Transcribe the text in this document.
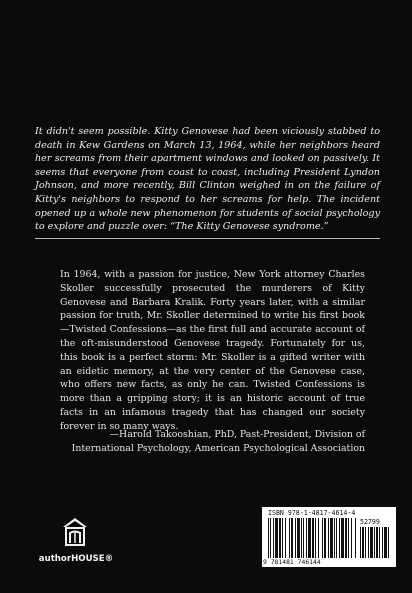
It didn't seem possible. Kitty Genovese had been viciously stabbed to death in Kew Gardens on March 13, 1964, while her neighbors heard her screams from their apartment windows and looked on passively. It seems that everyone from coast to coast, including President Lyndon Johnson, and more recently, Bill Clinton weighed in on the failure of Kitty's neighbors to respond to her screams for help. The incident opened up a whole new phenomenon for students of social psychology to explore and puzzle over: “The Kitty Genovese syndrome.”

In 1964, with a passion for justice, New York attorney Charles Skoller successfully prosecuted the murderers of Kitty Genovese and Barbara Kralik. Forty years later, with a similar passion for truth, Mr. Skoller determined to write his first book—Twisted Confessions—as the first full and accurate account of the oft-misunderstood Genovese tragedy. Fortunately for us, this book is a perfect storm: Mr. Skoller is a gifted writer with an eidetic memory, at the very center of the Genovese case, who offers new facts, as only he can. Twisted Confessions is more than a gripping story; it is an historic account of true facts in an infamous tragedy that has changed our society forever in so many ways.

—Harold Takooshian, PhD, Past-President, Division of International Psychology, American Psychological Association

authorHOUSE®
ISBN 978-1-4817-4614-4
52799
9 781481 746144
